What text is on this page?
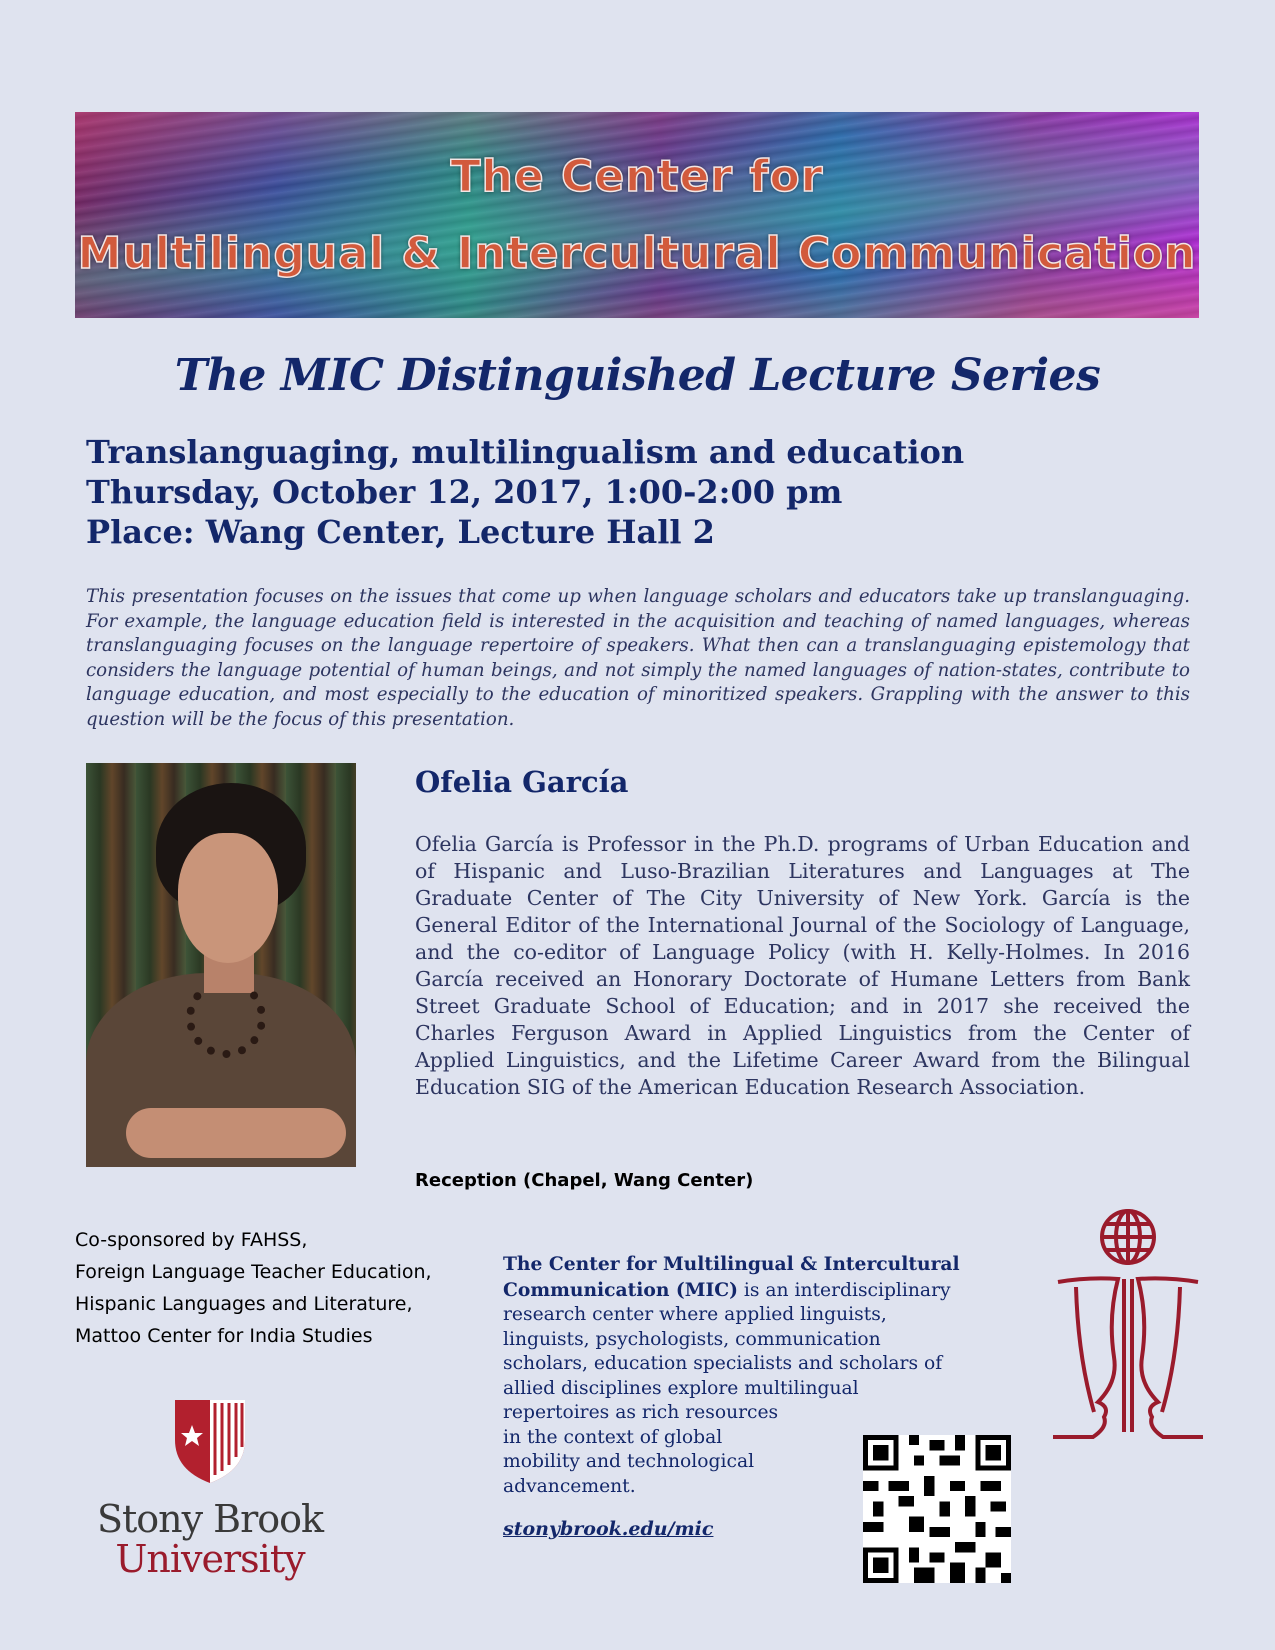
The Center for
Multilingual & Intercultural Communication
The MIC Distinguished Lecture Series
Translanguaging, multilingualism and education
Thursday, October 12, 2017, 1:00-2:00 pm
Place: Wang Center, Lecture Hall 2
This presentation focuses on the issues that come up when language scholars and educators take up translanguaging. For example, the language education field is interested in the acquisition and teaching of named languages, whereas translanguaging focuses on the language repertoire of speakers. What then can a translanguaging epistemology that considers the language potential of human beings, and not simply the named languages of nation-states, contribute to language education, and most especially to the education of minoritized speakers. Grappling with the answer to this question will be the focus of this presentation.
Ofelia García
Ofelia García is Professor in the Ph.D. programs of Urban Education and of Hispanic and Luso-Brazilian Literatures and Languages at The Graduate Center of The City University of New York. García is the General Editor of the International Journal of the Sociology of Language, and the co-editor of Language Policy (with H. Kelly-Holmes. In 2016 García received an Honorary Doctorate of Humane Letters from Bank Street Graduate School of Education; and in 2017 she received the Charles Ferguson Award in Applied Linguistics from the Center of Applied Linguistics, and the Lifetime Career Award from the Bilingual Education SIG of the American Education Research Association.
Reception (Chapel, Wang Center)
Co-sponsored by FAHSS,
Foreign Language Teacher Education,
Hispanic Languages and Literature,
Mattoo Center for India Studies
Stony Brook
University
The Center for Multilingual & Intercultural Communication (MIC) is an interdisciplinary
research center where applied linguists,
linguists, psychologists, communication
scholars, education specialists and scholars of
allied disciplines explore multilingual
repertoires as rich resources
in the context of global
mobility and technological
advancement.
stonybrook.edu/mic
